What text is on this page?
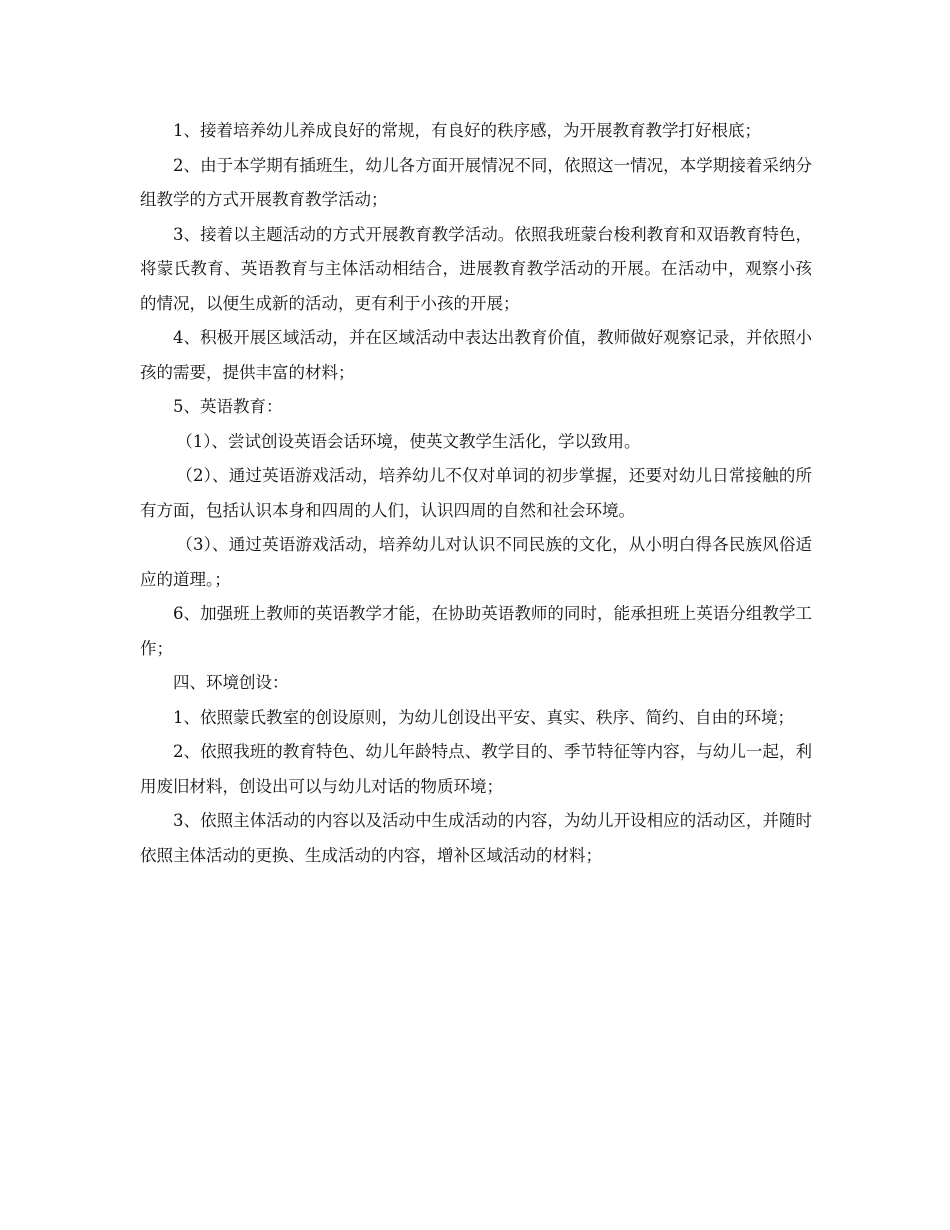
1、接着培养幼儿养成良好的常规，有良好的秩序感，为开展教育教学打好根底；

2、由于本学期有插班生，幼儿各方面开展情况不同，依照这一情况，本学期接着采纳分组教学的方式开展教育教学活动；

3、接着以主题活动的方式开展教育教学活动。依照我班蒙台梭利教育和双语教育特色，将蒙氏教育、英语教育与主体活动相结合，进展教育教学活动的开展。在活动中，观察小孩的情况，以便生成新的活动，更有利于小孩的开展；

4、积极开展区域活动，并在区域活动中表达出教育价值，教师做好观察记录，并依照小孩的需要，提供丰富的材料；

5、英语教育：

（1）、尝试创设英语会话环境，使英文教学生活化，学以致用。

（2）、通过英语游戏活动，培养幼儿不仅对单词的初步掌握，还要对幼儿日常接触的所有方面，包括认识本身和四周的人们，认识四周的自然和社会环境。

（3）、通过英语游戏活动，培养幼儿对认识不同民族的文化，从小明白得各民族风俗适应的道理。；

6、加强班上教师的英语教学才能，在协助英语教师的同时，能承担班上英语分组教学工作；

四、环境创设：

1、依照蒙氏教室的创设原则，为幼儿创设出平安、真实、秩序、简约、自由的环境；

2、依照我班的教育特色、幼儿年龄特点、教学目的、季节特征等内容，与幼儿一起，利用废旧材料，创设出可以与幼儿对话的物质环境；

3、依照主体活动的内容以及活动中生成活动的内容，为幼儿开设相应的活动区，并随时依照主体活动的更换、生成活动的内容，增补区域活动的材料；
